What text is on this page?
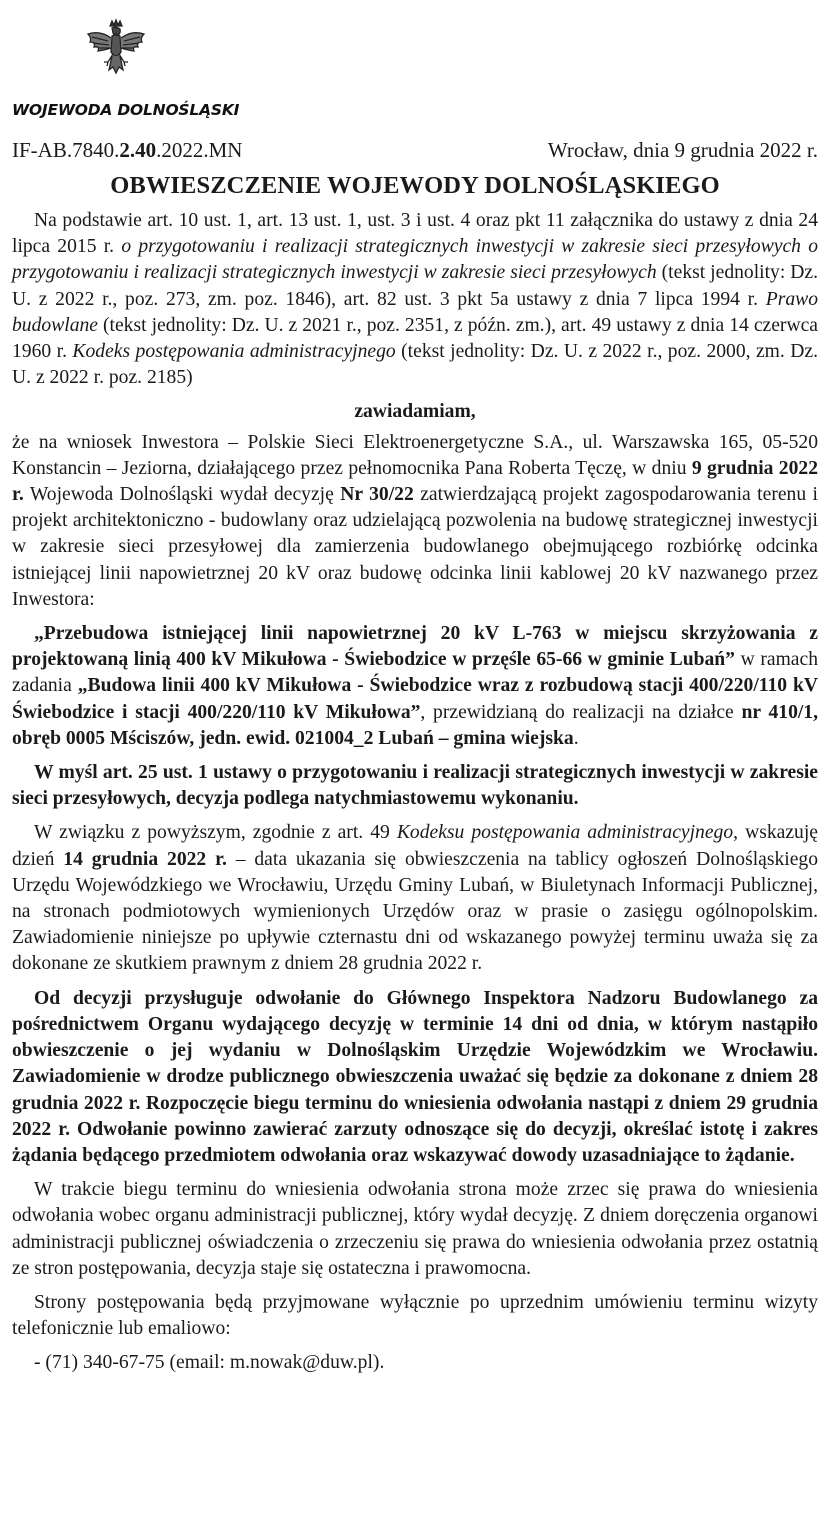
WOJEWODA DOLNOŚLĄSKI
IF-AB.7840.2.40.2022.MN	Wrocław, dnia 9 grudnia 2022 r.
OBWIESZCZENIE WOJEWODY DOLNOŚLĄSKIEGO

Na podstawie art. 10 ust. 1, art. 13 ust. 1, ust. 3 i ust. 4 oraz pkt 11 załącznika do ustawy z dnia 24 lipca 2015 r. o przygotowaniu i realizacji strategicznych inwestycji w zakresie sieci przesyłowych o przygotowaniu i realizacji strategicznych inwestycji w zakresie sieci przesyłowych (tekst jednolity: Dz. U. z 2022 r., poz. 273, zm. poz. 1846), art. 82 ust. 3 pkt 5a ustawy z dnia 7 lipca 1994 r. Prawo budowlane (tekst jednolity: Dz. U. z 2021 r., poz. 2351, z późn. zm.), art. 49 ustawy z dnia 14 czerwca 1960 r. Kodeks postępowania administracyjnego (tekst jednolity: Dz. U. z 2022 r., poz. 2000, zm. Dz. U. z 2022 r. poz. 2185)

zawiadamiam,

że na wniosek Inwestora – Polskie Sieci Elektroenergetyczne S.A., ul. Warszawska 165, 05-520 Konstancin – Jeziorna, działającego przez pełnomocnika Pana Roberta Tęczę, w dniu 9 grudnia 2022 r. Wojewoda Dolnośląski wydał decyzję Nr 30/22 zatwierdzającą projekt zagospodarowania terenu i projekt architektoniczno - budowlany oraz udzielającą pozwolenia na budowę strategicznej inwestycji w zakresie sieci przesyłowej dla zamierzenia budowlanego obejmującego rozbiórkę odcinka istniejącej linii napowietrznej 20 kV oraz budowę odcinka linii kablowej 20 kV nazwanego przez Inwestora:

„Przebudowa istniejącej linii napowietrznej 20 kV L-763 w miejscu skrzyżowania z projektowaną linią 400 kV Mikułowa - Świebodzice w przęśle 65-66 w gminie Lubań” w ramach zadania „Budowa linii 400 kV Mikułowa - Świebodzice wraz z rozbudową stacji 400/220/110 kV Świebodzice i stacji 400/220/110 kV Mikułowa”, przewidzianą do realizacji na działce nr 410/1, obręb 0005 Mściszów, jedn. ewid. 021004_2 Lubań – gmina wiejska.

W myśl art. 25 ust. 1 ustawy o przygotowaniu i realizacji strategicznych inwestycji w zakresie sieci przesyłowych, decyzja podlega natychmiastowemu wykonaniu.

W związku z powyższym, zgodnie z art. 49 Kodeksu postępowania administracyjnego, wskazuję dzień 14 grudnia 2022 r. – data ukazania się obwieszczenia na tablicy ogłoszeń Dolnośląskiego Urzędu Wojewódzkiego we Wrocławiu, Urzędu Gminy Lubań, w Biuletynach Informacji Publicznej, na stronach podmiotowych wymienionych Urzędów oraz w prasie o zasięgu ogólnopolskim. Zawiadomienie niniejsze po upływie czternastu dni od wskazanego powyżej terminu uważa się za dokonane ze skutkiem prawnym z dniem 28 grudnia 2022 r.

Od decyzji przysługuje odwołanie do Głównego Inspektora Nadzoru Budowlanego za pośrednictwem Organu wydającego decyzję w terminie 14 dni od dnia, w którym nastąpiło obwieszczenie o jej wydaniu w Dolnośląskim Urzędzie Wojewódzkim we Wrocławiu. Zawiadomienie w drodze publicznego obwieszczenia uważać się będzie za dokonane z dniem 28 grudnia 2022 r. Rozpoczęcie biegu terminu do wniesienia odwołania nastąpi z dniem 29 grudnia 2022 r. Odwołanie powinno zawierać zarzuty odnoszące się do decyzji, określać istotę i zakres żądania będącego przedmiotem odwołania oraz wskazywać dowody uzasadniające to żądanie.

W trakcie biegu terminu do wniesienia odwołania strona może zrzec się prawa do wniesienia odwołania wobec organu administracji publicznej, który wydał decyzję. Z dniem doręczenia organowi administracji publicznej oświadczenia o zrzeczeniu się prawa do wniesienia odwołania przez ostatnią ze stron postępowania, decyzja staje się ostateczna i prawomocna.

Strony postępowania będą przyjmowane wyłącznie po uprzednim umówieniu terminu wizyty telefonicznie lub emaliowo:

- (71) 340-67-75 (email: m.nowak@duw.pl).
